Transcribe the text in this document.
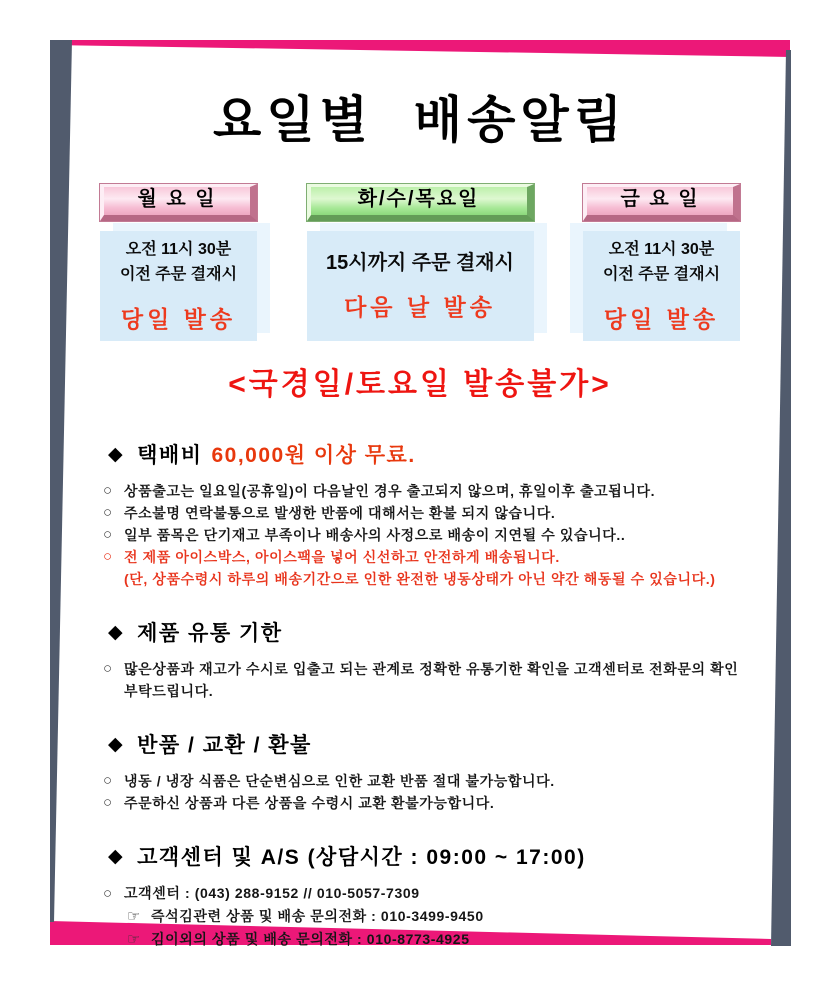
요일별 배송알림
월 요 일
오전 11시 30분
이전 주문 결재시
당일 발송
화/수/목요일
15시까지 주문 결재시
다음 날 발송
금 요 일
오전 11시 30분
이전 주문 결재시
당일 발송
<국경일/토요일 발송불가>
◆ 택배비 60,000원 이상 무료.
○ 상품출고는 일요일(공휴일)이 다음날인 경우 출고되지 않으며, 휴일이후 출고됩니다.
○ 주소불명 연락불통으로 발생한 반품에 대해서는 환불 되지 않습니다.
○ 일부 품목은 단기재고 부족이나 배송사의 사정으로 배송이 지연될 수 있습니다..
○ 전 제품 아이스박스, 아이스팩을 넣어 신선하고 안전하게 배송됩니다.
(단, 상품수령시 하루의 배송기간으로 인한 완전한 냉동상태가 아닌 약간 해동될 수 있습니다.)
◆ 제품 유통 기한
○ 많은상품과 재고가 수시로 입출고 되는 관계로 정확한 유통기한 확인을 고객센터로 전화문의 확인 부탁드립니다.
◆ 반품 / 교환 / 환불
○ 냉동 / 냉장 식품은 단순변심으로 인한 교환 반품 절대 불가능합니다.
○ 주문하신 상품과 다른 상품을 수령시 교환 환불가능합니다.
◆ 고객센터 및 A/S (상담시간 : 09:00 ~ 17:00)
○ 고객센터 : (043) 288-9152 // 010-5057-7309
☞ 즉석김관련 상품 및 배송 문의전화 : 010-3499-9450
☞ 김이외의 상품 및 배송 문의전화 : 010-8773-4925
